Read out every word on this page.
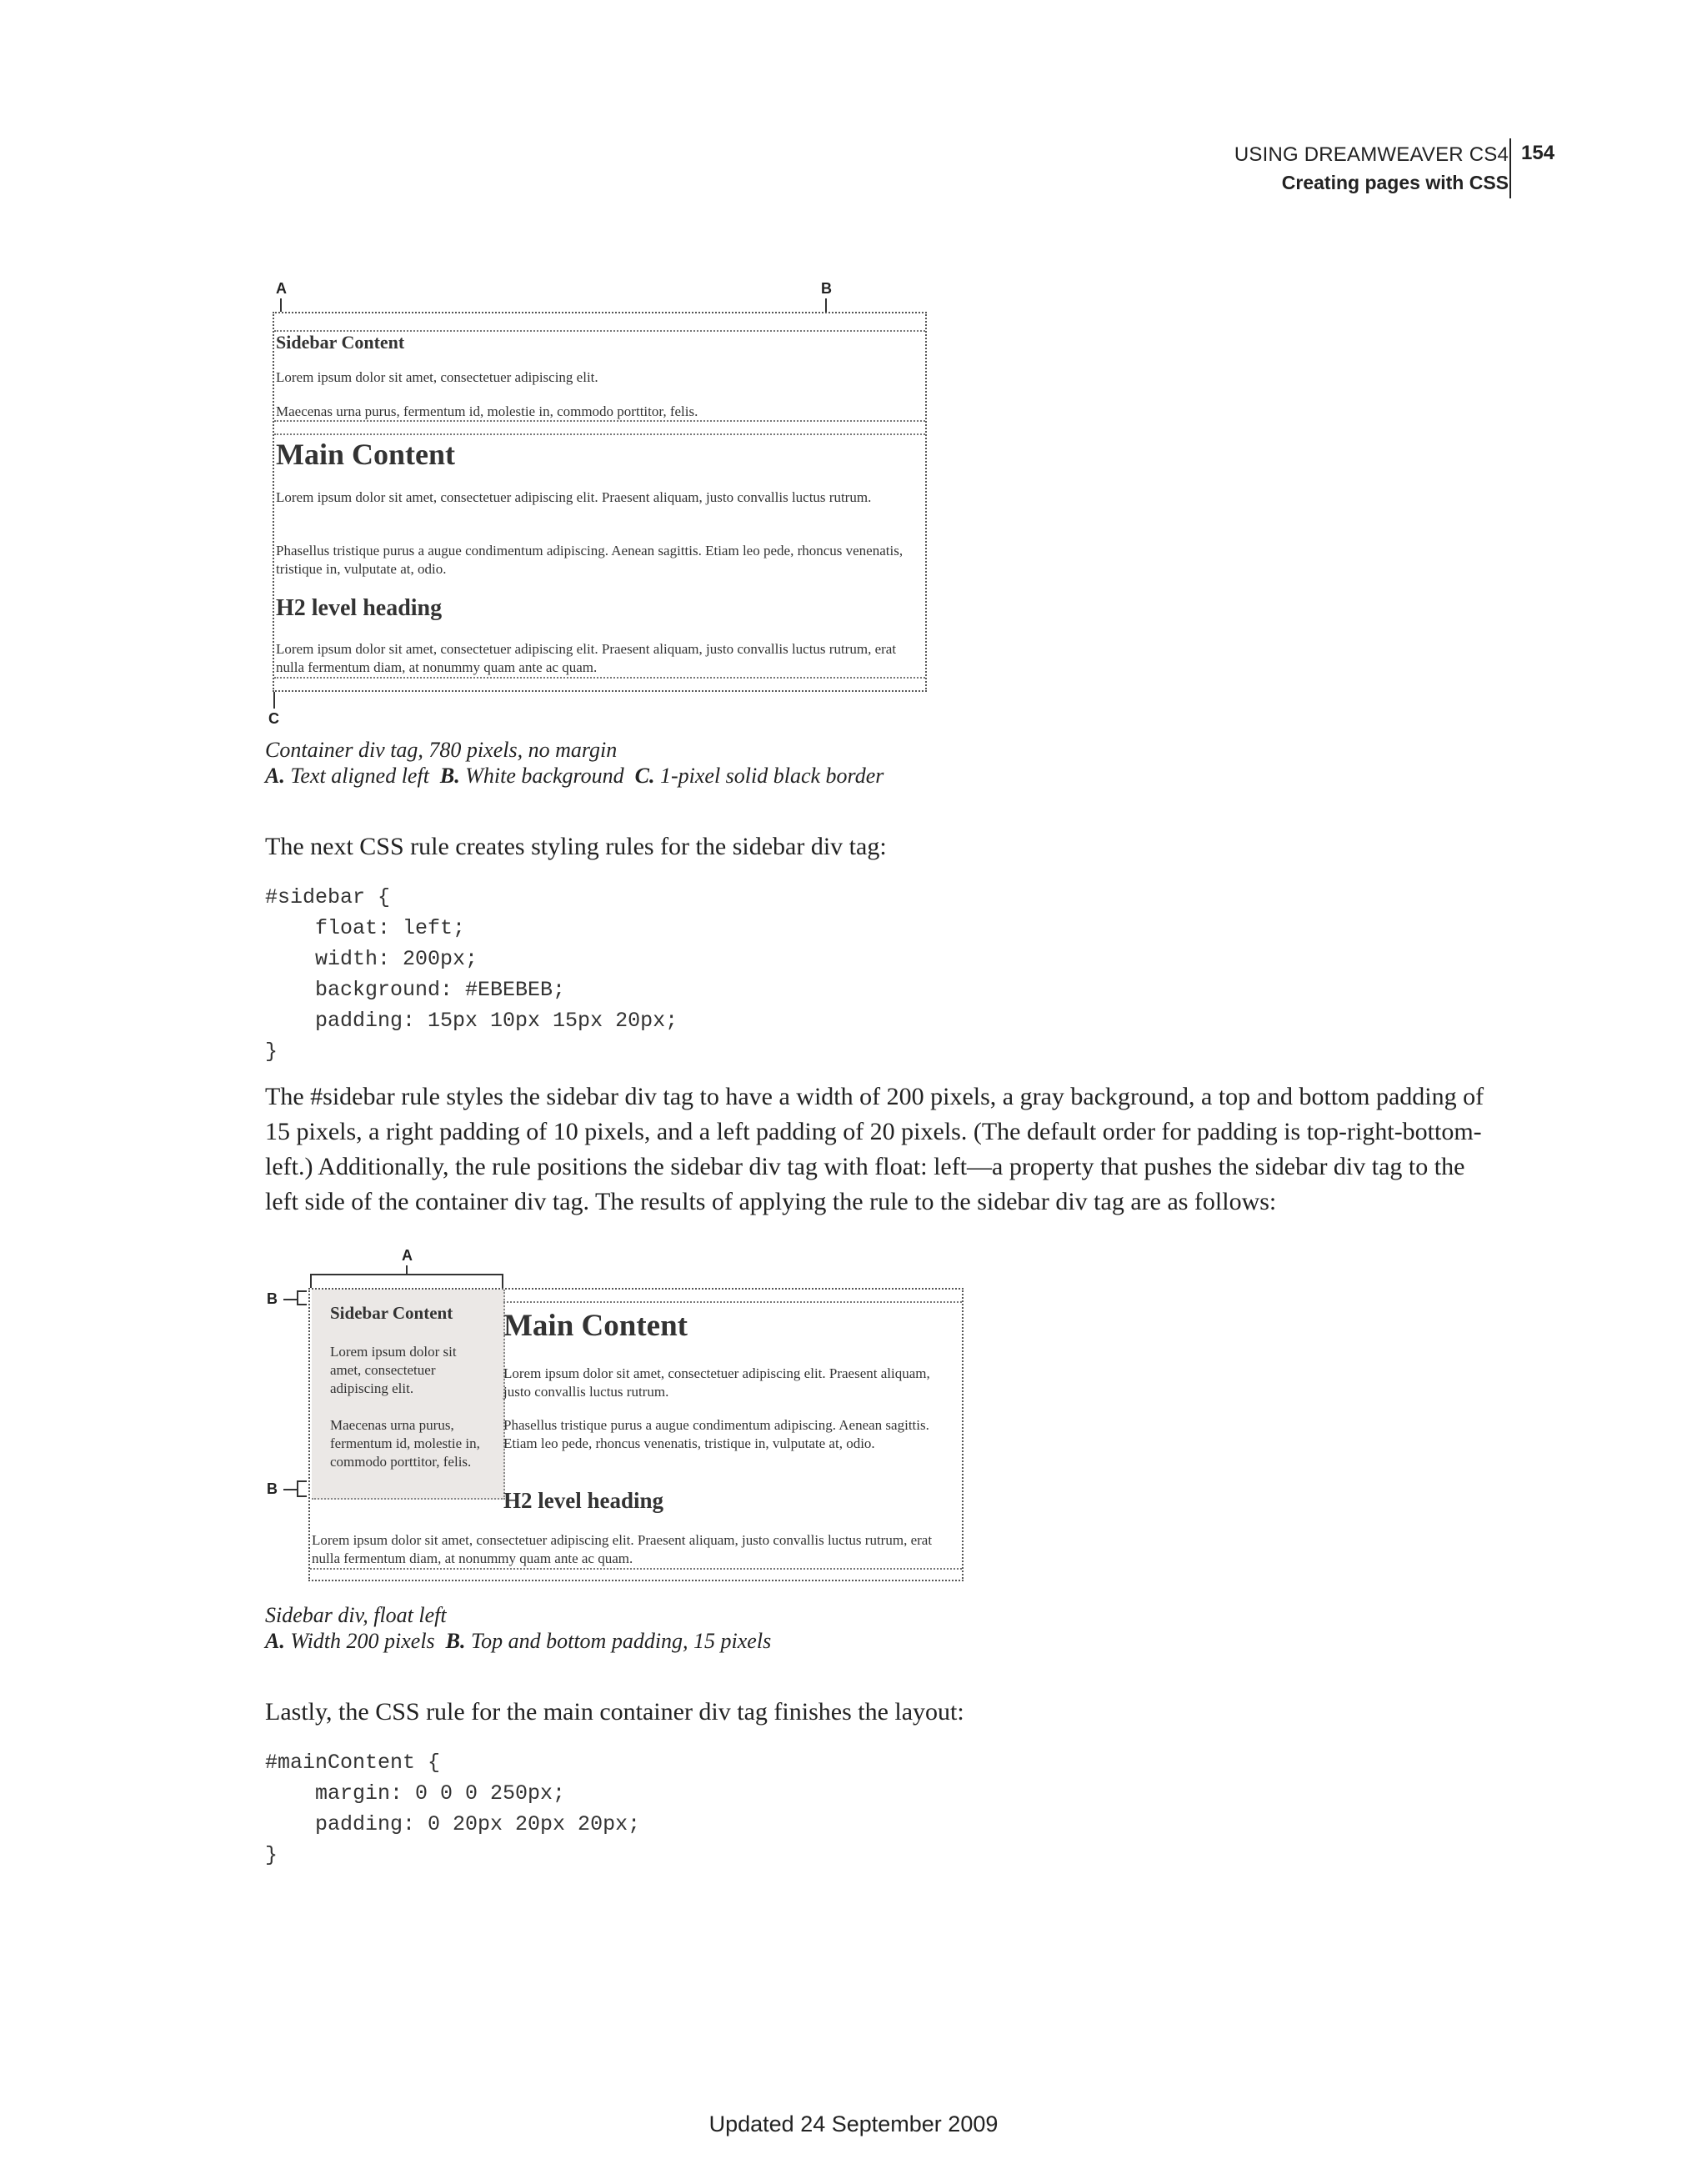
USING DREAMWEAVER CS4
Creating pages with CSS
154
A	B
Sidebar Content
Lorem ipsum dolor sit amet, consectetuer adipiscing elit.
Maecenas urna purus, fermentum id, molestie in, commodo porttitor, felis.
Main Content
Lorem ipsum dolor sit amet, consectetuer adipiscing elit. Praesent aliquam, justo convallis luctus rutrum.
Phasellus tristique purus a augue condimentum adipiscing. Aenean sagittis. Etiam leo pede, rhoncus venenatis, tristique in, vulputate at, odio.
H2 level heading
Lorem ipsum dolor sit amet, consectetuer adipiscing elit. Praesent aliquam, justo convallis luctus rutrum, erat nulla fermentum diam, at nonummy quam ante ac quam.
C
Container div tag, 780 pixels, no margin
A. Text aligned left B. White background C. 1-pixel solid black border
The next CSS rule creates styling rules for the sidebar div tag:
#sidebar {
float: left;
width: 200px;
background: #EBEBEB;
padding: 15px 10px 15px 20px;
}
The #sidebar rule styles the sidebar div tag to have a width of 200 pixels, a gray background, a top and bottom padding of 15 pixels, a right padding of 10 pixels, and a left padding of 20 pixels. (The default order for padding is top-right-bottom-left.) Additionally, the rule positions the sidebar div tag with float: left—a property that pushes the sidebar div tag to the left side of the container div tag. The results of applying the rule to the sidebar div tag are as follows:
A
B
B
Sidebar Content
Lorem ipsum dolor sit amet, consectetuer adipiscing elit.
Maecenas urna purus, fermentum id, molestie in, commodo porttitor, felis.
Main Content
Lorem ipsum dolor sit amet, consectetuer adipiscing elit. Praesent aliquam, justo convallis luctus rutrum.
Phasellus tristique purus a augue condimentum adipiscing. Aenean sagittis. Etiam leo pede, rhoncus venenatis, tristique in, vulputate at, odio.
H2 level heading
Lorem ipsum dolor sit amet, consectetuer adipiscing elit. Praesent aliquam, justo convallis luctus rutrum, erat nulla fermentum diam, at nonummy quam ante ac quam.
Sidebar div, float left
A. Width 200 pixels B. Top and bottom padding, 15 pixels
Lastly, the CSS rule for the main container div tag finishes the layout:
#mainContent {
margin: 0 0 0 250px;
padding: 0 20px 20px 20px;
}
Updated 24 September 2009
